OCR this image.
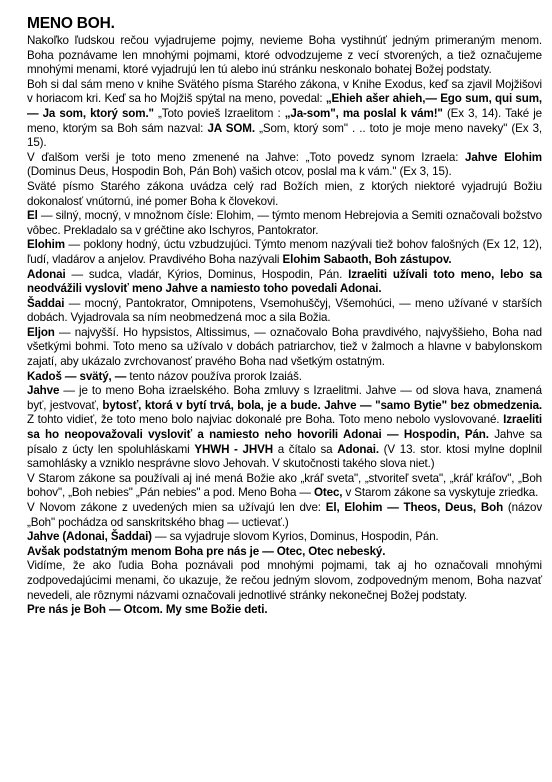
MENO BOH.

Nakoľko ľudskou rečou vyjadrujeme pojmy, nevieme Boha vystihnúť jedným primeraným menom. Boha poznávame len mnohými pojmami, ktoré odvodzujeme z vecí stvorených, a tiež označujeme mnohými menami, ktoré vyjadrujú len tú alebo inú stránku neskonalo bohatej Božej podstaty.

Boh si dal sám meno v knihe Svätého písma Starého zákona, v Knihe Exodus, keď sa zjavil Mojžišovi v horiacom kri. Keď sa ho Mojžiš spýtal na meno, povedal: „Ehieh ašer ahieh,— Ego sum, qui sum, — Ja som, ktorý som." „Toto povieš Izraelitom : „Ja-som", ma poslal k vám!" (Ex 3, 14). Také je meno, ktorým sa Boh sám nazval: JA SOM. „Som, ktorý som" . .. toto je moje meno naveky" (Ex 3, 15).

V ďalšom verši je toto meno zmenené na Jahve: „Toto povedz synom Izraela: Jahve Elohim (Dominus Deus, Hospodin Boh, Pán Boh) vašich otcov, poslal ma k vám." (Ex 3, 15).

Sväté písmo Starého zákona uvádza celý rad Božích mien, z ktorých niektoré vyjadrujú Božiu dokonalosť vnútornú, iné pomer Boha k človekovi.

El — silný, mocný, v množnom čísle: Elohim, — týmto menom Hebrejovia a Semiti označovali božstvo vôbec. Prekladalo sa v gréčtine ako Ischyros, Pantokrator.

Elohim — poklony hodný, úctu vzbudzujúci. Týmto menom nazývali tiež bohov falošných (Ex 12, 12), ľudí, vladárov a anjelov. Pravdivého Boha nazývali Elohim Sabaoth, Boh zástupov.

Adonai — sudca, vladár, Kýrios, Dominus, Hospodin, Pán. Izraeliti užívali toto meno, lebo sa neodvážili vysloviť meno Jahve a namiesto toho povedali Adonai.

Šaddai — mocný, Pantokrator, Omnipotens, Vsemohuščyj, Všemohúci, — meno užívané v starších dobách. Vyjadrovala sa ním neobmedzená moc a sila Božia.

Eljon — najvyšší. Ho hypsistos, Altissimus, — označovalo Boha pravdivého, najvyššieho, Boha nad všetkými bohmi. Toto meno sa užívalo v dobách patriarchov, tiež v žalmoch a hlavne v babylonskom zajatí, aby ukázalo zvrchovanosť pravého Boha nad všetkým ostatným.

Kadoš — svätý, — tento názov používa prorok Izaiáš.

Jahve — je to meno Boha izraelského. Boha zmluvy s Izraelitmi. Jahve — od slova hava, znamená byť, jestvovať, bytosť, ktorá v bytí trvá, bola, je a bude. Jahve — "samo Bytie" bez obmedzenia. Z tohto vidieť, že toto meno bolo najviac dokonalé pre Boha. Toto meno nebolo vyslovované. Izraeliti sa ho neopovažovali vysloviť a namiesto neho hovorili Adonai — Hospodin, Pán. Jahve sa písalo z úcty len spoluhláskami YHWH - JHVH a čítalo sa Adonai. (V 13. stor. ktosi mylne doplnil samohlásky a vzniklo nesprávne slovo Jehovah. V skutočnosti takého slova niet.)

V Starom zákone sa používali aj iné mená Božie ako „kráľ sveta", „stvoriteľ sveta", „kráľ kráľov", „Boh bohov", „Boh nebies" „Pán nebies" a pod. Meno Boha — Otec, v Starom zákone sa vyskytuje zriedka.

V Novom zákone z uvedených mien sa užívajú len dve: El, Elohim — Theos, Deus, Boh (názov „Boh" pochádza od sanskritského bhag — uctievať.)

Jahve (Adonai, Šaddai) — sa vyjadruje slovom Kyrios, Dominus, Hospodin, Pán.

Avšak podstatným menom Boha pre nás je — Otec, Otec nebeský.

Vidíme, že ako ľudia Boha poznávali pod mnohými pojmami, tak aj ho označovali mnohými zodpovedajúcimi menami, čo ukazuje, že rečou jedným slovom, zodpovedným menom, Boha nazvať nevedeli, ale rôznymi názvami označovali jednotlivé stránky nekonečnej Božej podstaty.

Pre nás je Boh — Otcom. My sme Božie deti.
